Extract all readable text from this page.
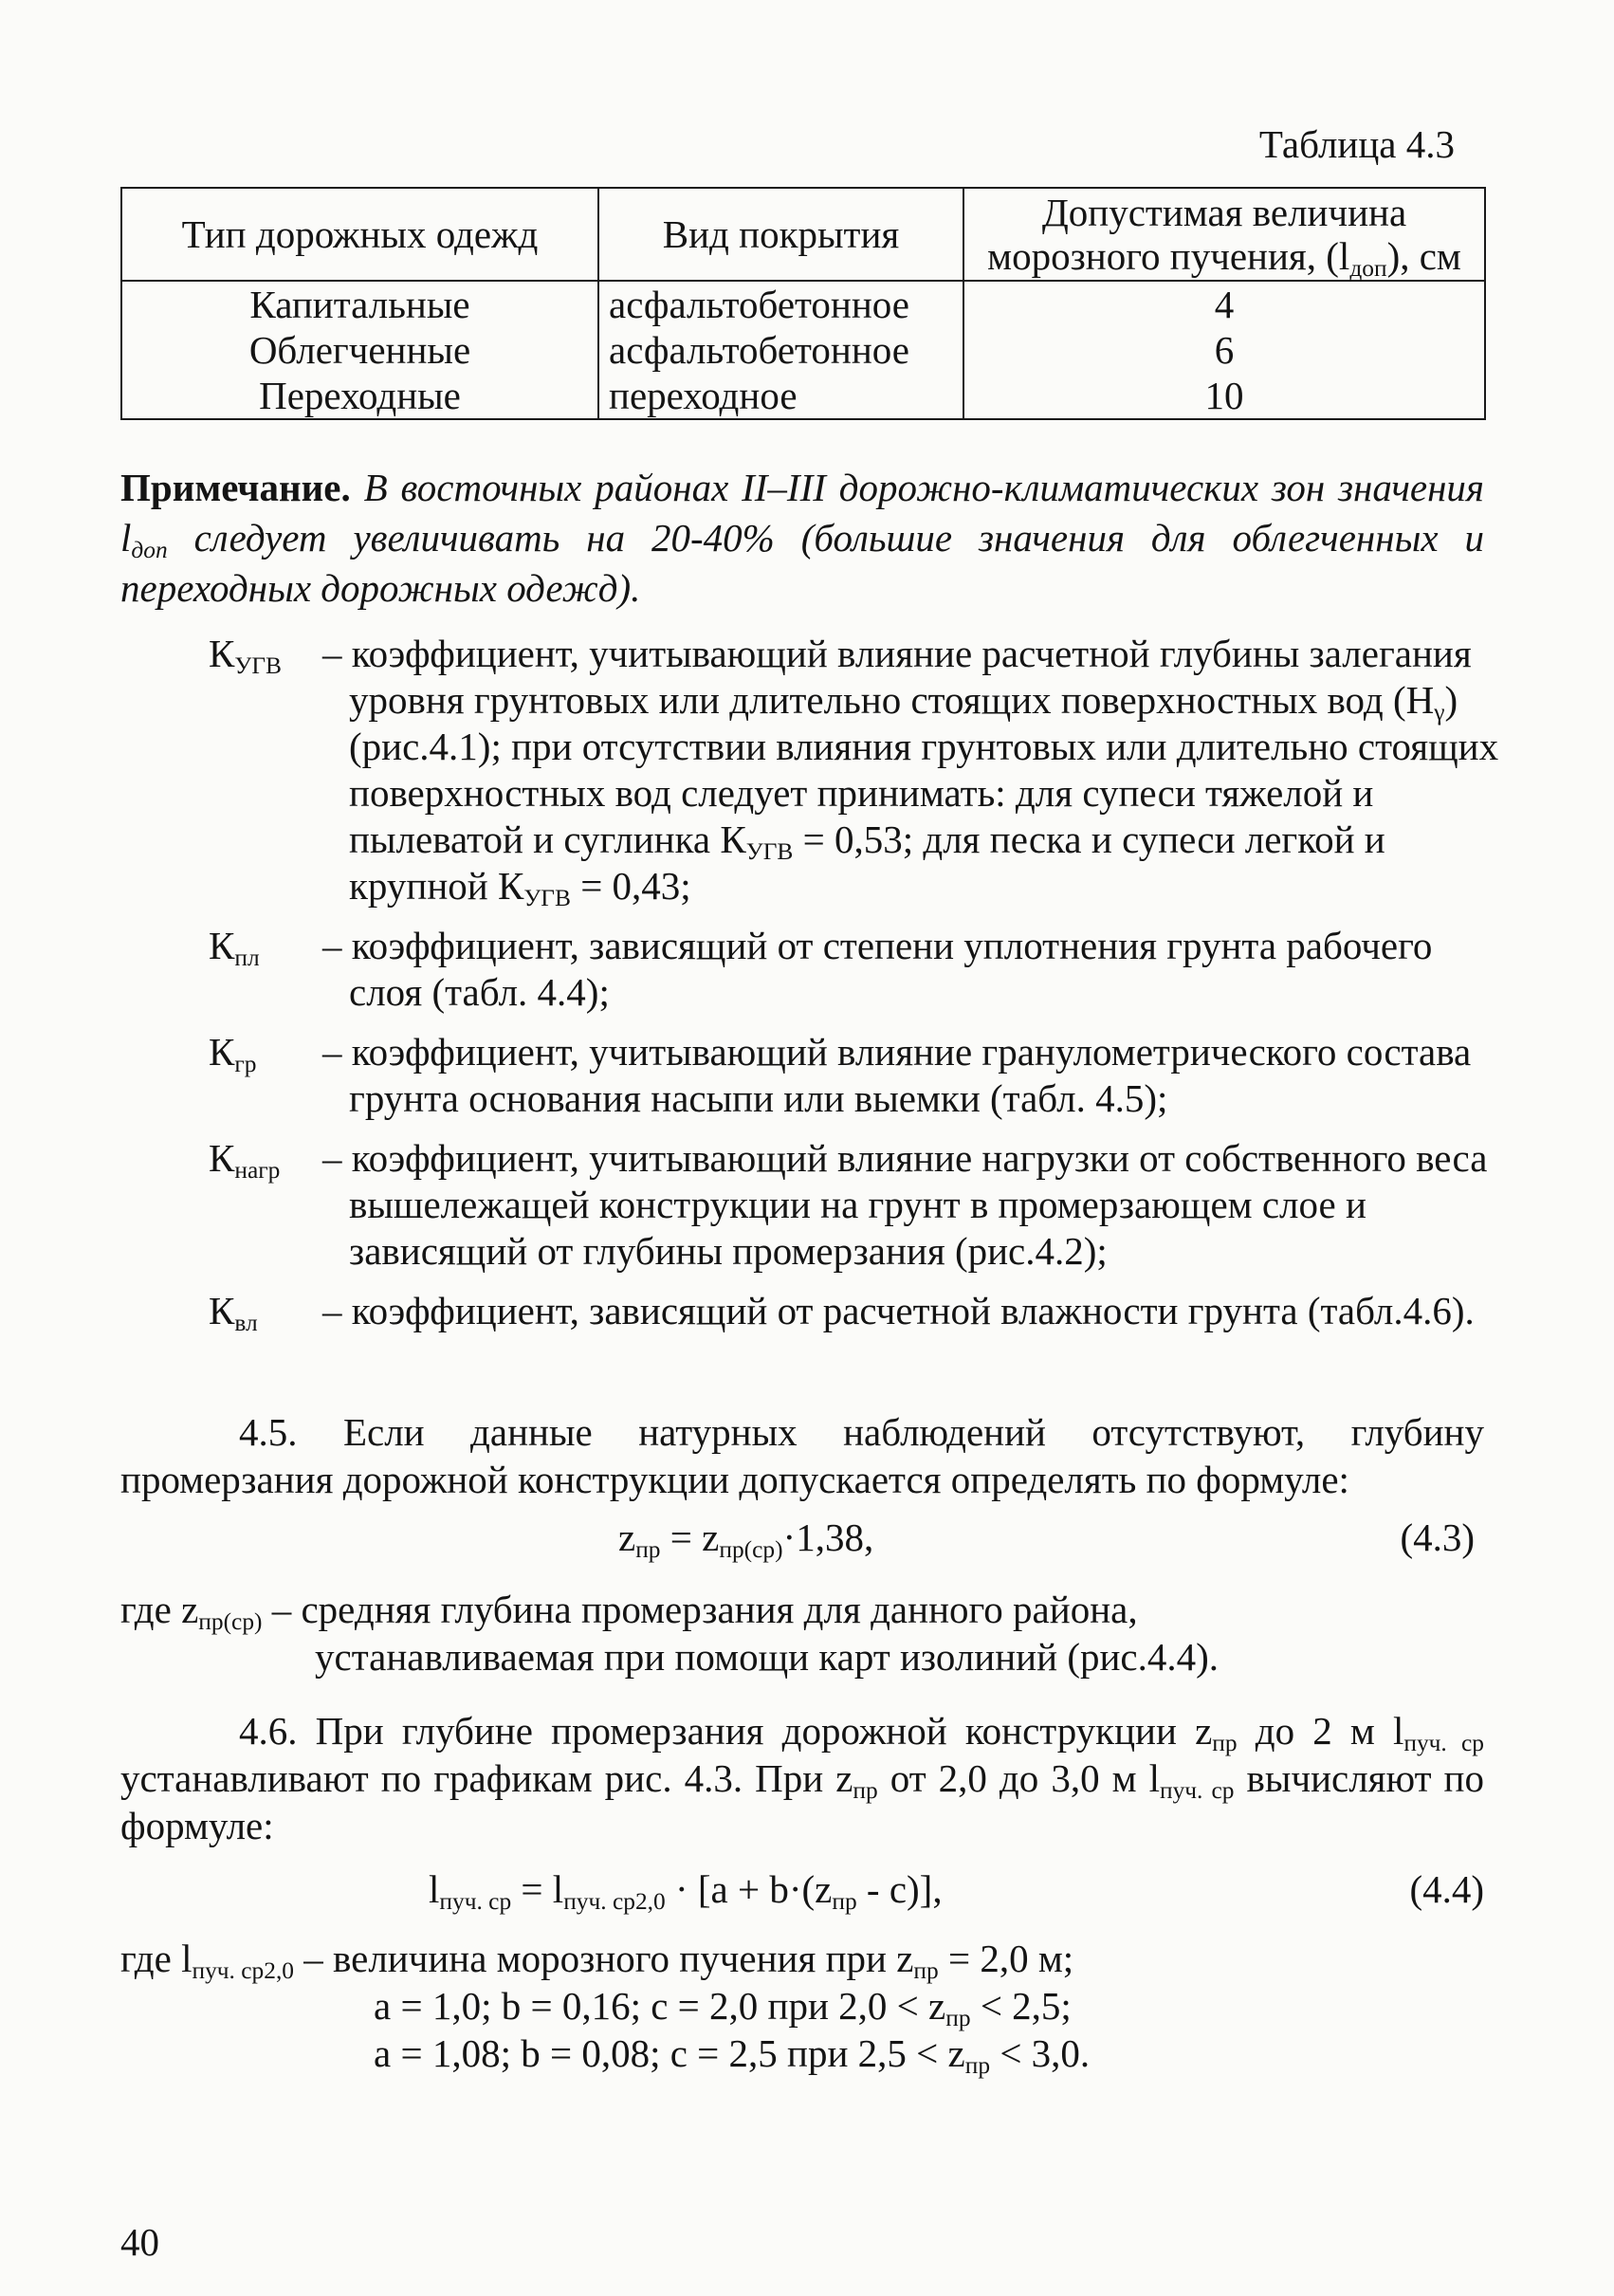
Таблица 4.3
Тип дорожных одежд	Вид покрытия	Допустимая величина морозного пучения, $(l_{доп})$, см
Капитальные	асфальтобетонное	4
Облегченные	асфальтобетонное	6
Переходные	переходное	10
Примечание. В восточных районах II–III дорожно-климатических зон значения $l_{доп}$ следует увеличивать на 20-40% (большие значения для облегченных и переходных дорожных одежд).
$К_{УГВ}$	– коэффициент, учитывающий влияние расчетной глубины залегания уровня грунтовых или длительно стоящих поверхностных вод $(Н_\gamma)$ (рис.4.1); при отсутствии влияния грунтовых или длительно стоящих поверхностных вод следует принимать: для супеси тяжелой и пылеватой и суглинка $К_{УГВ} = 0,53$; для песка и супеси легкой и крупной $К_{УГВ} = 0,43$;

$К_{пл}$	– коэффициент, зависящий от степени уплотнения грунта рабочего слоя (табл. 4.4);

$К_{гр}$	– коэффициент, учитывающий влияние гранулометрического состава грунта основания насыпи или выемки (табл. 4.5);

$К_{нагр}$	– коэффициент, учитывающий влияние нагрузки от собственного веса вышележащей конструкции на грунт в промерзающем слое и зависящий от глубины промерзания (рис.4.2);

$К_{вл}$	– коэффициент, зависящий от расчетной влажности грунта (табл.4.6).

4.5. Если данные натурных наблюдений отсутствуют, глубину промерзания дорожной конструкции допускается определять по формуле:
$z_{пр} = z_{пр(ср)}\cdot 1,38$,	(4.3)
где $z_{пр(ср)}$ – средняя глубина промерзания для данного района,
устанавливаемая при помощи карт изолиний (рис.4.4).
4.6. При глубине промерзания дорожной конструкции $z_{пр}$ до 2 м $l_{пуч. ср}$ устанавливают по графикам рис. 4.3. При $z_{пр}$ от 2,0 до 3,0 м $l_{пуч. ср}$ вычисляют по формуле:
$l_{пуч. ср} = l_{пуч. ср2,0} \cdot [a + b\cdot(z_{пр} - c)]$,	(4.4)
где $l_{пуч. ср2,0}$ – величина морозного пучения при $z_{пр} = 2,0$ м;
a = 1,0; b = 0,16; c = 2,0 при $2,0 < z_{пр} < 2,5$;
a = 1,08; b = 0,08; c = 2,5 при $2,5 < z_{пр} < 3,0$.
40
